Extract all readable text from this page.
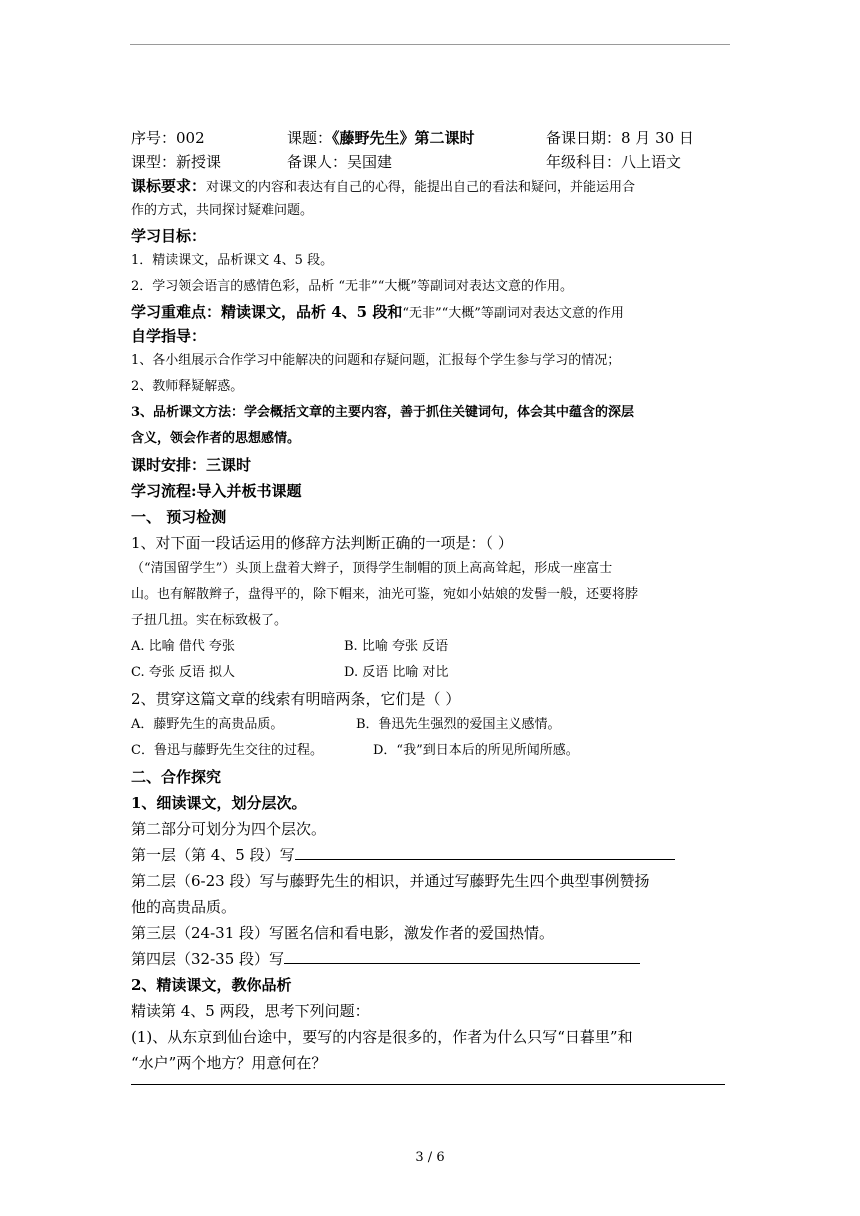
序号：002	课题：《藤野先生》第二课时	备课日期：8 月 30 日
课型：新授课	备课人：吴国建	年级科目：八上语文
课标要求：对课文的内容和表达有自己的心得，能提出自己的看法和疑问，并能运用合
作的方式，共同探讨疑难问题。
学习目标：
1．精读课文，品析课文 4、5 段。
2．学习领会语言的感情色彩，品析 “无非”“大概”等副词对表达文意的作用。
学习重难点：精读课文，品析 4、5 段和“无非”“大概”等副词对表达文意的作用
自学指导：
1、各小组展示合作学习中能解决的问题和存疑问题，汇报每个学生参与学习的情况；
2、教师释疑解惑。
3、品析课文方法：学会概括文章的主要内容，善于抓住关键词句，体会其中蕴含的深层
含义，领会作者的思想感情。
课时安排：三课时
学习流程:导入并板书课题
一、 预习检测
1、对下面一段话运用的修辞方法判断正确的一项是：（ ）
（“清国留学生”）头顶上盘着大辫子，顶得学生制帽的顶上高高耸起，形成一座富士
山。也有解散辫子，盘得平的，除下帽来，油光可鉴，宛如小姑娘的发髻一般，还要将脖
子扭几扭。实在标致极了。
A. 比喻 借代 夸张	B. 比喻 夸张 反语
C. 夸张 反语 拟人	D. 反语 比喻 对比
2、贯穿这篇文章的线索有明暗两条，它们是（ ）
A．藤野先生的高贵品质。	B．鲁迅先生强烈的爱国主义感情。
C．鲁迅与藤野先生交往的过程。	D．“我”到日本后的所见所闻所感。
二、合作探究
1、细读课文，划分层次。
第二部分可划分为四个层次。
第一层（第 4、5 段）写
第二层（6-23 段）写与藤野先生的相识，并通过写藤野先生四个典型事例赞扬
他的高贵品质。
第三层（24-31 段）写匿名信和看电影，激发作者的爱国热情。
第四层（32-35 段）写
2、精读课文，教你品析
精读第 4、5 两段，思考下列问题：
(1)、从东京到仙台途中，要写的内容是很多的，作者为什么只写“日暮里”和
“水户”两个地方？用意何在？
3 / 6
